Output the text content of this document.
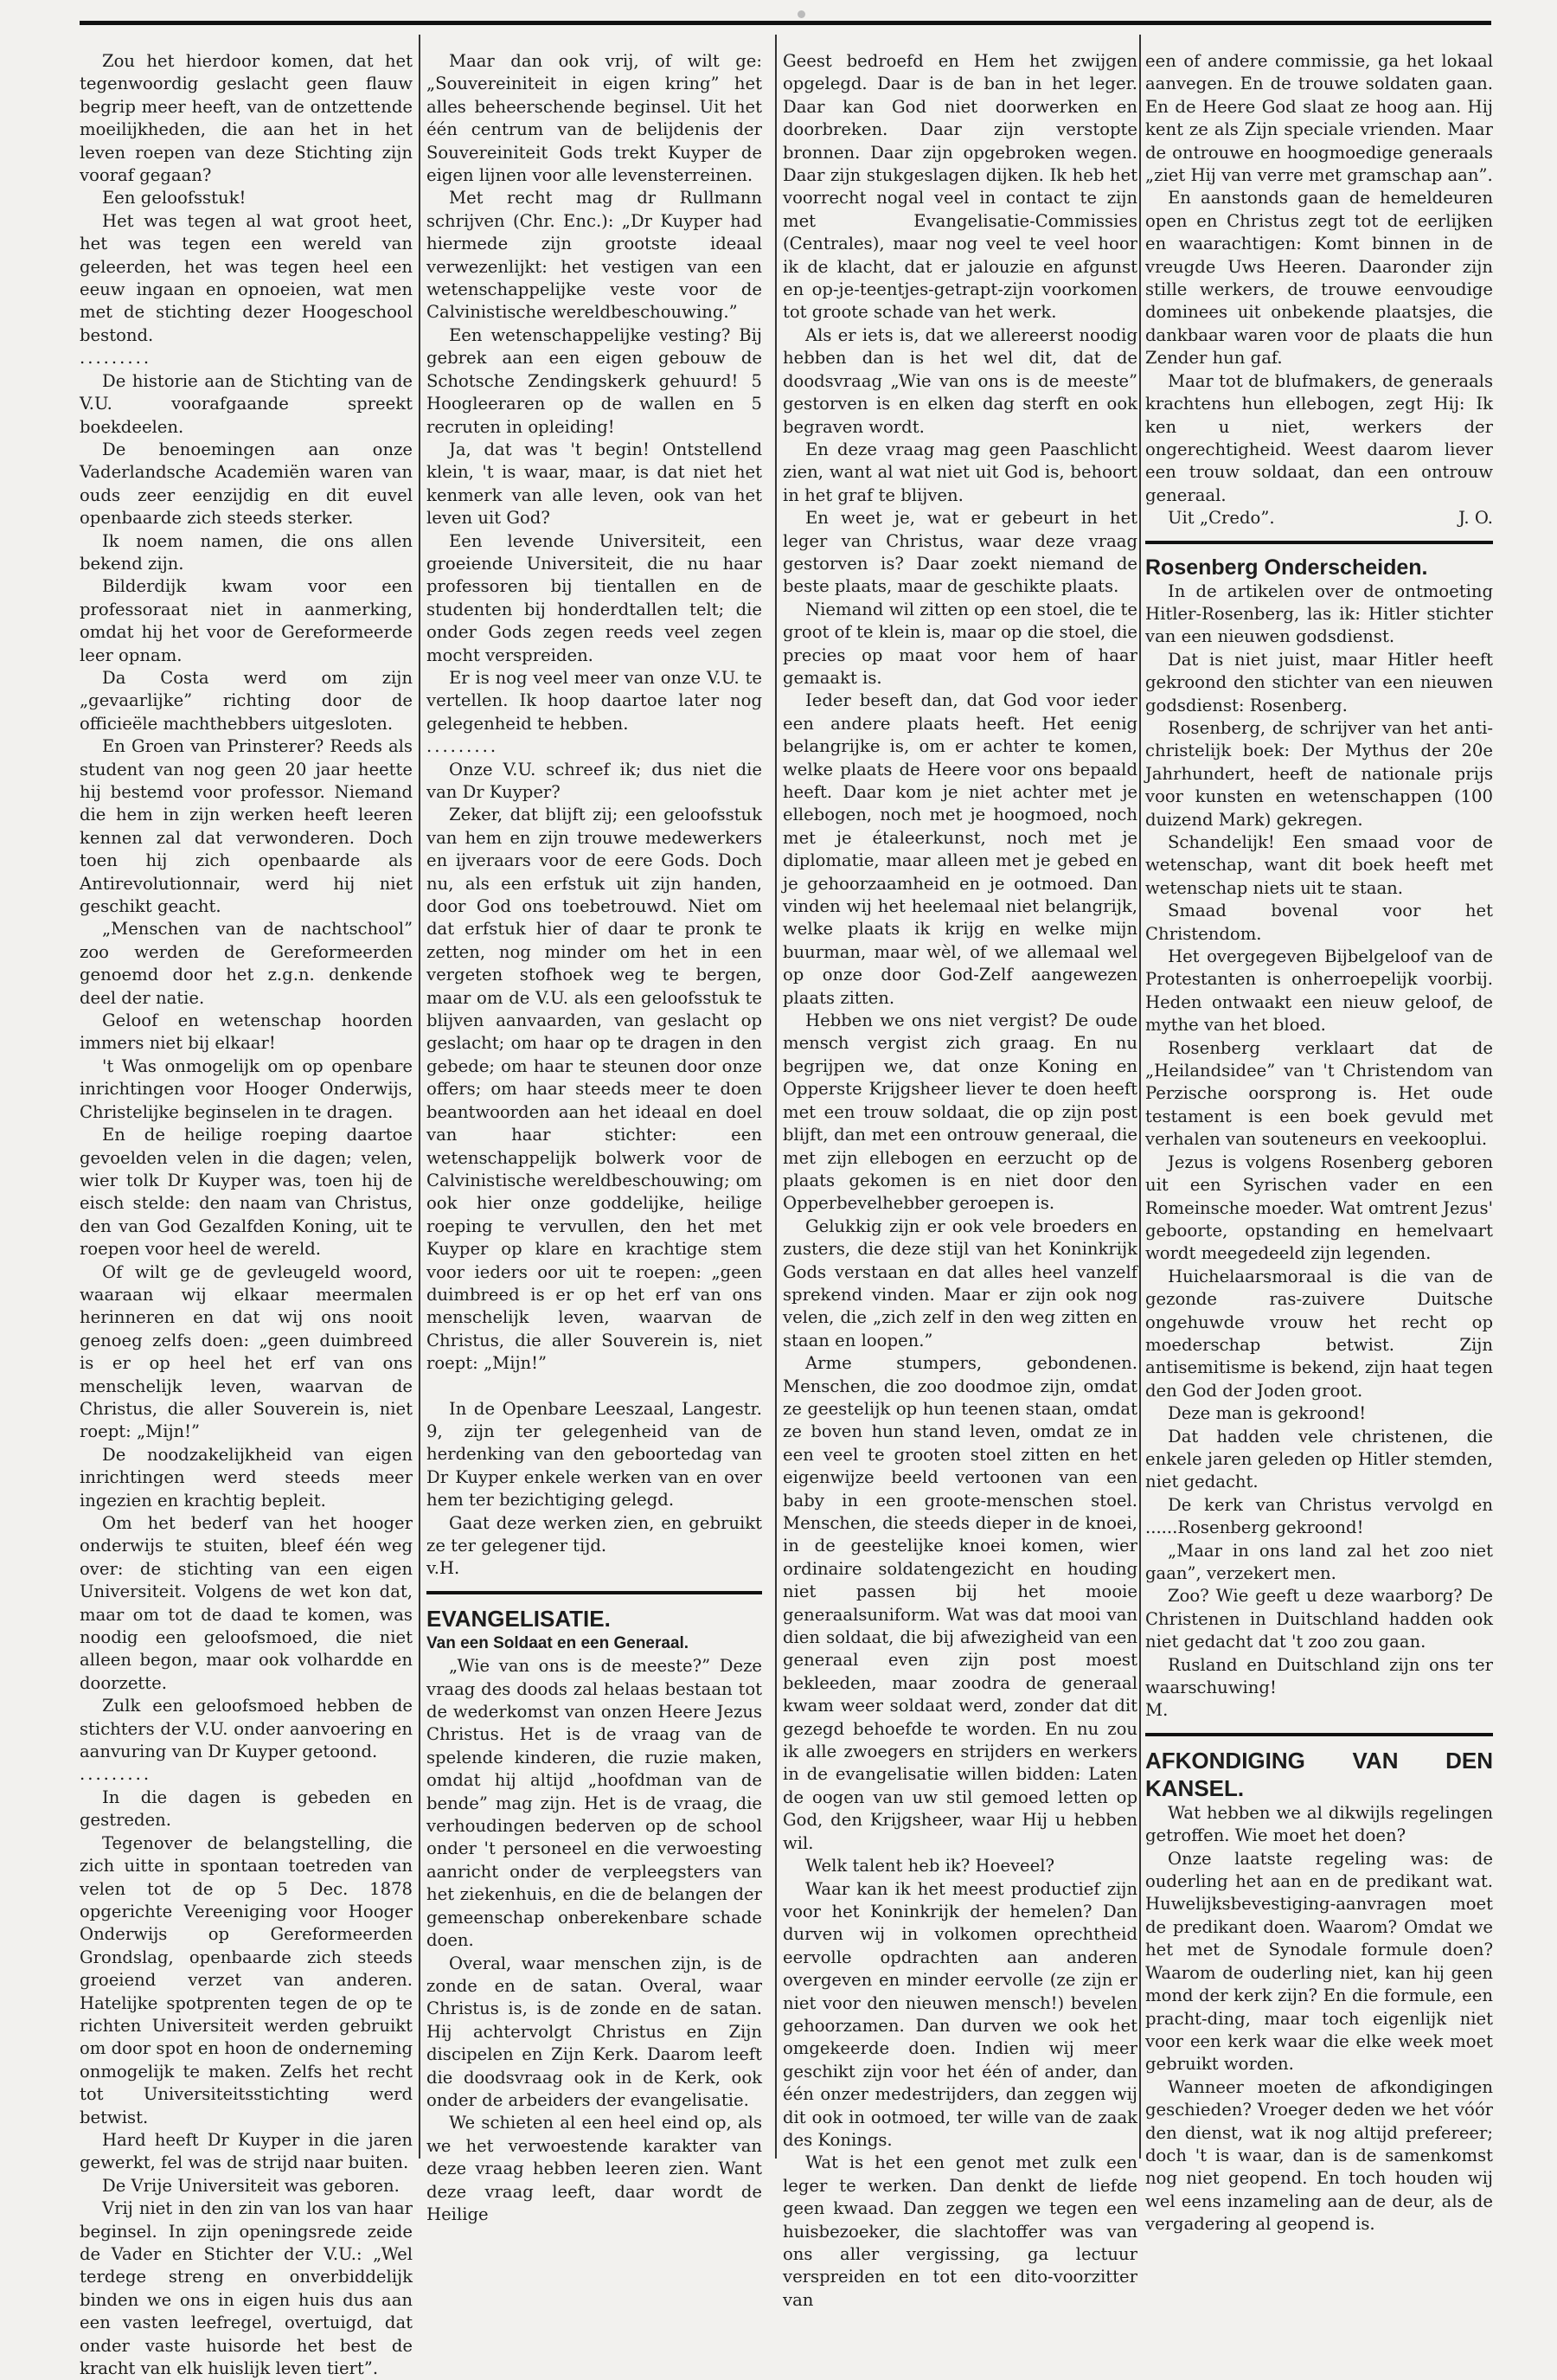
Zou het hierdoor komen, dat het tegenwoordig geslacht geen flauw begrip meer heeft, van de ontzettende moeilijkheden, die aan het in het leven roepen van deze Stichting zijn vooraf gegaan?

Een geloofsstuk!

Het was tegen al wat groot heet, het was tegen een wereld van geleerden, het was tegen heel een eeuw ingaan en opnoeien, wat men met de stichting dezer Hoogeschool bestond.

.........

De historie aan de Stichting van de V.U. voorafgaande spreekt boekdeelen.

De benoemingen aan onze Vaderlandsche Academiën waren van ouds zeer eenzijdig en dit euvel openbaarde zich steeds sterker.

Ik noem namen, die ons allen bekend zijn.

Bilderdijk kwam voor een professoraat niet in aanmerking, omdat hij het voor de Gereformeerde leer opnam.

Da Costa werd om zijn „gevaarlijke” richting door de officieële machthebbers uitgesloten.

En Groen van Prinsterer? Reeds als student van nog geen 20 jaar heette hij bestemd voor professor. Niemand die hem in zijn werken heeft leeren kennen zal dat verwonderen. Doch toen hij zich openbaarde als Antirevolutionnair, werd hij niet geschikt geacht.

„Menschen van de nachtschool” zoo werden de Gereformeerden genoemd door het z.g.n. denkende deel der natie.

Geloof en wetenschap hoorden immers niet bij elkaar!

't Was onmogelijk om op openbare inrichtingen voor Hooger Onderwijs, Christelijke beginselen in te dragen.

En de heilige roeping daartoe gevoelden velen in die dagen; velen, wier tolk Dr Kuyper was, toen hij de eisch stelde: den naam van Christus, den van God Gezalfden Koning, uit te roepen voor heel de wereld.

Of wilt ge de gevleugeld woord, waaraan wij elkaar meermalen herinneren en dat wij ons nooit genoeg zelfs doen: „geen duimbreed is er op heel het erf van ons menschelijk leven, waarvan de Christus, die aller Souverein is, niet roept: „Mijn!”

De noodzakelijkheid van eigen inrichtingen werd steeds meer ingezien en krachtig bepleit.

Om het bederf van het hooger onderwijs te stuiten, bleef één weg over: de stichting van een eigen Universiteit. Volgens de wet kon dat, maar om tot de daad te komen, was noodig een geloofsmoed, die niet alleen begon, maar ook volhardde en doorzette.

Zulk een geloofsmoed hebben de stichters der V.U. onder aanvoering en aanvuring van Dr Kuyper getoond.

.........

In die dagen is gebeden en gestreden.

Tegenover de belangstelling, die zich uitte in spontaan toetreden van velen tot de op 5 Dec. 1878 opgerichte Vereeniging voor Hooger Onderwijs op Gereformeerden Grondslag, openbaarde zich steeds groeiend verzet van anderen. Hatelijke spotprenten tegen de op te richten Universiteit werden gebruikt om door spot en hoon de onderneming onmogelijk te maken. Zelfs het recht tot Universiteitsstichting werd betwist.

Hard heeft Dr Kuyper in die jaren gewerkt, fel was de strijd naar buiten.

De Vrije Universiteit was geboren.

Vrij niet in den zin van los van haar beginsel. In zijn openingsrede zeide de Vader en Stichter der V.U.: „Wel terdege streng en onverbiddelijk binden we ons in eigen huis dus aan een vasten leefregel, overtuigd, dat onder vaste huisorde het best de kracht van elk huislijk leven tiert”.

Maar dan ook vrij, of wilt ge: „Souvereiniteit in eigen kring” het alles beheerschende beginsel. Uit het één centrum van de belijdenis der Souvereiniteit Gods trekt Kuyper de eigen lijnen voor alle levensterreinen.

Met recht mag dr Rullmann schrijven (Chr. Enc.): „Dr Kuyper had hiermede zijn grootste ideaal verwezenlijkt: het vestigen van een wetenschappelijke veste voor de Calvinistische wereldbeschouwing.”

Een wetenschappelijke vesting? Bij gebrek aan een eigen gebouw de Schotsche Zendingskerk gehuurd! 5 Hoogleeraren op de wallen en 5 recruten in opleiding!

Ja, dat was 't begin! Ontstellend klein, 't is waar, maar, is dat niet het kenmerk van alle leven, ook van het leven uit God?

Een levende Universiteit, een groeiende Universiteit, die nu haar professoren bij tientallen en de studenten bij honderdtallen telt; die onder Gods zegen reeds veel zegen mocht verspreiden.

Er is nog veel meer van onze V.U. te vertellen. Ik hoop daartoe later nog gelegenheid te hebben.

.........

Onze V.U. schreef ik; dus niet die van Dr Kuyper?

Zeker, dat blijft zij; een geloofsstuk van hem en zijn trouwe medewerkers en ijveraars voor de eere Gods. Doch nu, als een erfstuk uit zijn handen, door God ons toebetrouwd. Niet om dat erfstuk hier of daar te pronk te zetten, nog minder om het in een vergeten stofhoek weg te bergen, maar om de V.U. als een geloofsstuk te blijven aanvaarden, van geslacht op geslacht; om haar op te dragen in den gebede; om haar te steunen door onze offers; om haar steeds meer te doen beantwoorden aan het ideaal en doel van haar stichter: een wetenschappelijk bolwerk voor de Calvinistische wereldbeschouwing; om ook hier onze goddelijke, heilige roeping te vervullen, den het met Kuyper op klare en krachtige stem voor ieders oor uit te roepen: „geen duimbreed is er op het erf van ons menschelijk leven, waarvan de Christus, die aller Souverein is, niet roept: „Mijn!”

In de Openbare Leeszaal, Langestr. 9, zijn ter gelegenheid van de herdenking van den geboortedag van Dr Kuyper enkele werken van en over hem ter bezichtiging gelegd.

Gaat deze werken zien, en gebruikt ze ter gelegener tijd.

v.H.

EVANGELISATIE.

Van een Soldaat en een Generaal.

„Wie van ons is de meeste?” Deze vraag des doods zal helaas bestaan tot de wederkomst van onzen Heere Jezus Christus. Het is de vraag van de spelende kinderen, die ruzie maken, omdat hij altijd „hoofdman van de bende” mag zijn. Het is de vraag, die verhoudingen bederven op de school onder 't personeel en die verwoesting aanricht onder de verpleegsters van het ziekenhuis, en die de belangen der gemeenschap onberekenbare schade doen.

Overal, waar menschen zijn, is de zonde en de satan. Overal, waar Christus is, is de zonde en de satan. Hij achtervolgt Christus en Zijn discipelen en Zijn Kerk. Daarom leeft die doodsvraag ook in de Kerk, ook onder de arbeiders der evangelisatie.

We schieten al een heel eind op, als we het verwoestende karakter van deze vraag hebben leeren zien. Want deze vraag leeft, daar wordt de Heilige

Geest bedroefd en Hem het zwijgen opgelegd. Daar is de ban in het leger. Daar kan God niet doorwerken en doorbreken. Daar zijn verstopte bronnen. Daar zijn opgebroken wegen. Daar zijn stukgeslagen dijken. Ik heb het voorrecht nogal veel in contact te zijn met Evangelisatie-Commissies (Centrales), maar nog veel te veel hoor ik de klacht, dat er jalouzie en afgunst en op-je-teentjes-getrapt-zijn voorkomen tot groote schade van het werk.

Als er iets is, dat we allereerst noodig hebben dan is het wel dit, dat de doodsvraag „Wie van ons is de meeste” gestorven is en elken dag sterft en ook begraven wordt.

En deze vraag mag geen Paaschlicht zien, want al wat niet uit God is, behoort in het graf te blijven.

En weet je, wat er gebeurt in het leger van Christus, waar deze vraag gestorven is? Daar zoekt niemand de beste plaats, maar de geschikte plaats.

Niemand wil zitten op een stoel, die te groot of te klein is, maar op die stoel, die precies op maat voor hem of haar gemaakt is.

Ieder beseft dan, dat God voor ieder een andere plaats heeft. Het eenig belangrijke is, om er achter te komen, welke plaats de Heere voor ons bepaald heeft. Daar kom je niet achter met je ellebogen, noch met je hoogmoed, noch met je étaleerkunst, noch met je diplomatie, maar alleen met je gebed en je gehoorzaamheid en je ootmoed. Dan vinden wij het heelemaal niet belangrijk, welke plaats ik krijg en welke mijn buurman, maar wèl, of we allemaal wel op onze door God-Zelf aangewezen plaats zitten.

Hebben we ons niet vergist? De oude mensch vergist zich graag. En nu begrijpen we, dat onze Koning en Opperste Krijgsheer liever te doen heeft met een trouw soldaat, die op zijn post blijft, dan met een ontrouw generaal, die met zijn ellebogen en eerzucht op de plaats gekomen is en niet door den Opperbevelhebber geroepen is.

Gelukkig zijn er ook vele broeders en zusters, die deze stijl van het Koninkrijk Gods verstaan en dat alles heel vanzelf sprekend vinden. Maar er zijn ook nog velen, die „zich zelf in den weg zitten en staan en loopen.”

Arme stumpers, gebondenen. Menschen, die zoo doodmoe zijn, omdat ze geestelijk op hun teenen staan, omdat ze boven hun stand leven, omdat ze in een veel te grooten stoel zitten en het eigenwijze beeld vertoonen van een baby in een groote-menschen stoel. Menschen, die steeds dieper in de knoei, in de geestelijke knoei komen, wier ordinaire soldatengezicht en houding niet passen bij het mooie generaalsuniform. Wat was dat mooi van dien soldaat, die bij afwezigheid van een generaal even zijn post moest bekleeden, maar zoodra de generaal kwam weer soldaat werd, zonder dat dit gezegd behoefde te worden. En nu zou ik alle zwoegers en strijders en werkers in de evangelisatie willen bidden: Laten de oogen van uw stil gemoed letten op God, den Krijgsheer, waar Hij u hebben wil.

Welk talent heb ik? Hoeveel?

Waar kan ik het meest productief zijn voor het Koninkrijk der hemelen? Dan durven wij in volkomen oprechtheid eervolle opdrachten aan anderen overgeven en minder eervolle (ze zijn er niet voor den nieuwen mensch!) bevelen gehoorzamen. Dan durven we ook het omgekeerde doen. Indien wij meer geschikt zijn voor het één of ander, dan één onzer medestrijders, dan zeggen wij dit ook in ootmoed, ter wille van de zaak des Konings.

Wat is het een genot met zulk een leger te werken. Dan denkt de liefde geen kwaad. Dan zeggen we tegen een huisbezoeker, die slachtoffer was van ons aller vergissing, ga lectuur verspreiden en tot een dito-voorzitter van

een of andere commissie, ga het lokaal aanvegen. En de trouwe soldaten gaan. En de Heere God slaat ze hoog aan. Hij kent ze als Zijn speciale vrienden. Maar de ontrouwe en hoogmoedige generaals „ziet Hij van verre met gramschap aan”.

En aanstonds gaan de hemeldeuren open en Christus zegt tot de eerlijken en waarachtigen: Komt binnen in de vreugde Uws Heeren. Daaronder zijn stille werkers, de trouwe eenvoudige dominees uit onbekende plaatsjes, die dankbaar waren voor de plaats die hun Zender hun gaf.

Maar tot de blufmakers, de generaals krachtens hun ellebogen, zegt Hij: Ik ken u niet, werkers der ongerechtigheid. Weest daarom liever een trouw soldaat, dan een ontrouw generaal.

Uit „Credo”.	J. O.

Rosenberg Onderscheiden.

In de artikelen over de ontmoeting Hitler-Rosenberg, las ik: Hitler stichter van een nieuwen godsdienst.

Dat is niet juist, maar Hitler heeft gekroond den stichter van een nieuwen godsdienst: Rosenberg.

Rosenberg, de schrijver van het anti-christelijk boek: Der Mythus der 20e Jahrhundert, heeft de nationale prijs voor kunsten en wetenschappen (100 duizend Mark) gekregen.

Schandelijk! Een smaad voor de wetenschap, want dit boek heeft met wetenschap niets uit te staan.

Smaad bovenal voor het Christendom.

Het overgegeven Bijbelgeloof van de Protestanten is onherroepelijk voorbij. Heden ontwaakt een nieuw geloof, de mythe van het bloed.

Rosenberg verklaart dat de „Heilandsidee” van 't Christendom van Perzische oorsprong is. Het oude testament is een boek gevuld met verhalen van souteneurs en veekooplui.

Jezus is volgens Rosenberg geboren uit een Syrischen vader en een Romeinsche moeder. Wat omtrent Jezus' geboorte, opstanding en hemelvaart wordt meegedeeld zijn legenden.

Huichelaarsmoraal is die van de gezonde ras-zuivere Duitsche ongehuwde vrouw het recht op moederschap betwist. Zijn antisemitisme is bekend, zijn haat tegen den God der Joden groot.

Deze man is gekroond!

Dat hadden vele christenen, die enkele jaren geleden op Hitler stemden, niet gedacht.

De kerk van Christus vervolgd en ......Rosenberg gekroond!

„Maar in ons land zal het zoo niet gaan”, verzekert men.

Zoo? Wie geeft u deze waarborg? De Christenen in Duitschland hadden ook niet gedacht dat 't zoo zou gaan.

Rusland en Duitschland zijn ons ter waarschuwing!

M.

AFKONDIGING VAN DEN KANSEL.

Wat hebben we al dikwijls regelingen getroffen. Wie moet het doen?

Onze laatste regeling was: de ouderling het aan en de predikant wat. Huwelijksbevestiging-aanvragen moet de predikant doen. Waarom? Omdat we het met de Synodale formule doen? Waarom de ouderling niet, kan hij geen mond der kerk zijn? En die formule, een pracht-ding, maar toch eigenlijk niet voor een kerk waar die elke week moet gebruikt worden.

Wanneer moeten de afkondigingen geschieden? Vroeger deden we het vóór den dienst, wat ik nog altijd prefereer; doch 't is waar, dan is de samenkomst nog niet geopend. En toch houden wij wel eens inzameling aan de deur, als de vergadering al geopend is.
